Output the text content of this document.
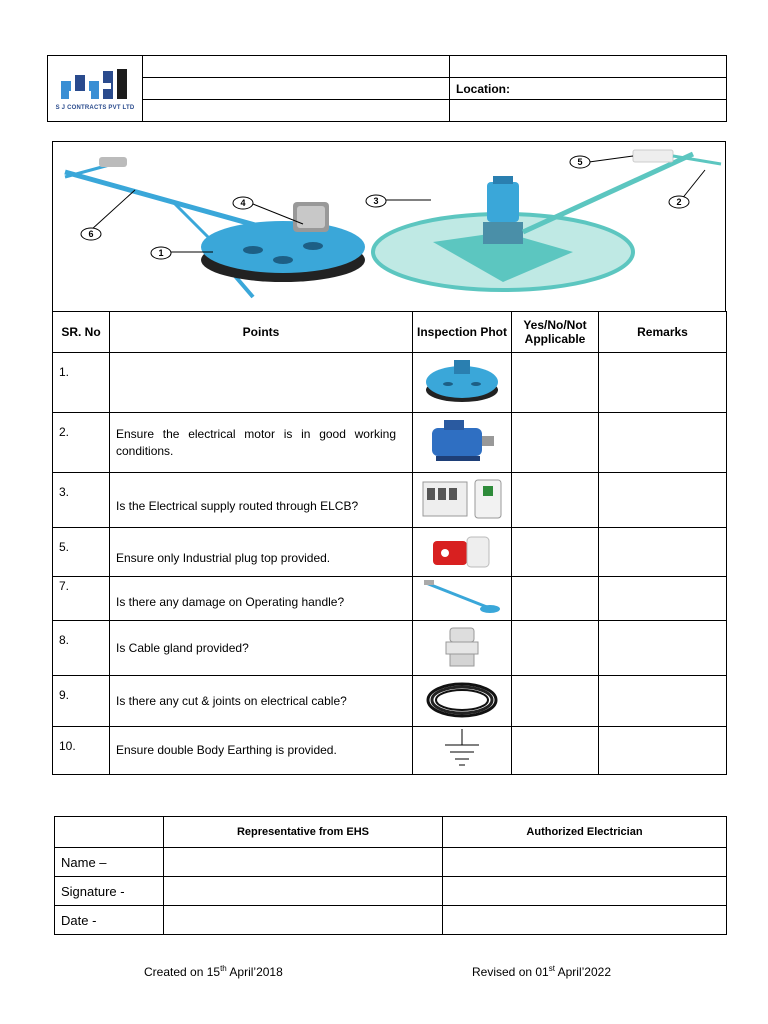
S J CONTRACTS PVT LTD		

		Location:

6
1
4	3
5
2
SR. No	Points	Inspection Phot	Yes/No/Not Applicable	Remarks
1.				
2.	Ensure the electrical motor is in good working conditions.			
3.	Is the Electrical supply routed through ELCB?			
5.	Ensure only Industrial plug top provided.			
7.	Is there any damage on Operating handle?			
8.	Is Cable gland provided?			
9.	Is there any cut & joints on electrical cable?			
10.	Ensure double Body Earthing is provided.			
	Representative from EHS	Authorized Electrician
Name –		
Signature -		
Date -		
Created on 15th April’2018	Revised on 01st April’2022
